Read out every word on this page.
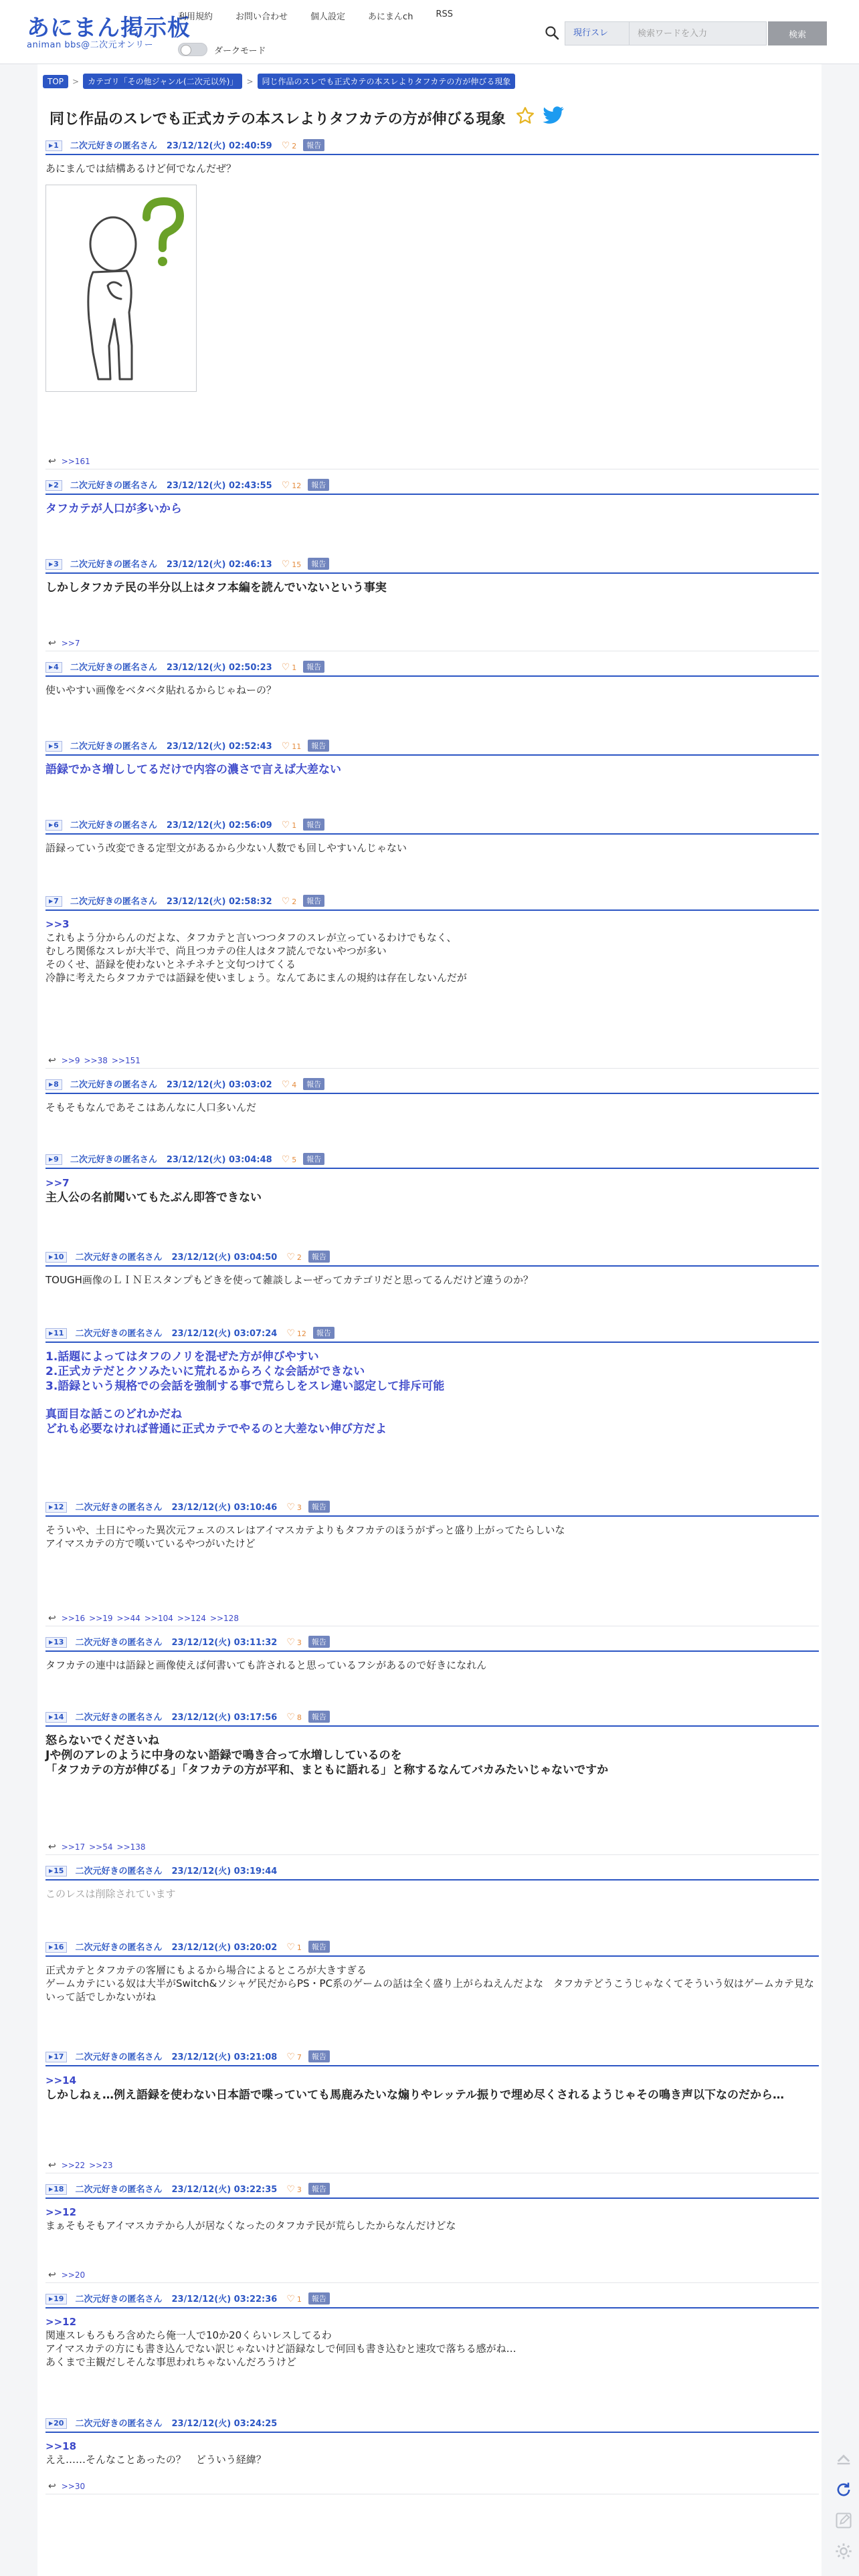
あにまん掲示板
animan bbs@二次元オンリー
利用規約	お問い合わせ	個人設定	あにまんch	RSS
ダークモード
現行スレ
検索ワードを入力	検索
TOP	>	カテゴリ「その他ジャンル(二次元以外)」	>	同じ作品のスレでも正式カテの本スレよりタフカテの方が伸びる現象
同じ作品のスレでも正式カテの本スレよりタフカテの方が伸びる現象
▶ 1 二次元好きの匿名さん 23/12/12(火) 02:40:59 ♡ 2	報告
あにまんでは結構あるけど何でなんだぜ？
↩ >>161
▶ 2 二次元好きの匿名さん 23/12/12(火) 02:43:55 ♡ 12	報告
タフカテが人口が多いから
▶ 3 二次元好きの匿名さん 23/12/12(火) 02:46:13 ♡ 15	報告
しかしタフカテ民の半分以上はタフ本編を読んでいないという事実
↩ >>7
▶ 4 二次元好きの匿名さん 23/12/12(火) 02:50:23 ♡ 1	報告
使いやすい画像をベタベタ貼れるからじゃねーの？
▶ 5 二次元好きの匿名さん 23/12/12(火) 02:52:43 ♡ 11	報告
語録でかさ増ししてるだけで内容の濃さで言えば大差ない
▶ 6 二次元好きの匿名さん 23/12/12(火) 02:56:09 ♡ 1	報告
語録っていう改変できる定型文があるから少ない人数でも回しやすいんじゃない
▶ 7 二次元好きの匿名さん 23/12/12(火) 02:58:32 ♡ 2	報告
>>3
これもよう分からんのだよな、タフカテと言いつつタフのスレが立っているわけでもなく、
むしろ関係なスレが大半で、尚且つカテの住人はタフ読んでないやつが多い
そのくせ、語録を使わないとネチネチと文句つけてくる
冷静に考えたらタフカテでは語録を使いましょう。なんてあにまんの規約は存在しないんだが
↩ >>9 >>38 >>151
▶ 8 二次元好きの匿名さん 23/12/12(火) 03:03:02 ♡ 4	報告
そもそもなんであそこはあんなに人口多いんだ
▶ 9 二次元好きの匿名さん 23/12/12(火) 03:04:48 ♡ 5	報告
>>7
主人公の名前聞いてもたぶん即答できない
▶ 10 二次元好きの匿名さん 23/12/12(火) 03:04:50 ♡ 2	報告
TOUGH画像のＬＩＮＥスタンプもどきを使って雑談しよーぜってカテゴリだと思ってるんだけど違うのか？
▶ 11 二次元好きの匿名さん 23/12/12(火) 03:07:24 ♡ 12	報告
1.話題によってはタフのノリを混ぜた方が伸びやすい
2.正式カテだとクソみたいに荒れるからろくな会話ができない
3.語録という規格での会話を強制する事で荒らしをスレ違い認定して排斥可能
真面目な話このどれかだね
どれも必要なければ普通に正式カテでやるのと大差ない伸び方だよ
▶ 12 二次元好きの匿名さん 23/12/12(火) 03:10:46 ♡ 3	報告
そういや、土日にやった異次元フェスのスレはアイマスカテよりもタフカテのほうがずっと盛り上がってたらしいな
アイマスカテの方で嘆いているやつがいたけど
↩ >>16 >>19 >>44 >>104 >>124 >>128
▶ 13 二次元好きの匿名さん 23/12/12(火) 03:11:32 ♡ 3	報告
タフカテの連中は語録と画像使えば何書いても許されると思っているフシがあるので好きになれん
▶ 14 二次元好きの匿名さん 23/12/12(火) 03:17:56 ♡ 8	報告
怒らないでくださいね
Jや例のアレのように中身のない語録で鳴き合って水増ししているのを
「タフカテの方が伸びる」「タフカテの方が平和、まともに語れる」と称するなんてバカみたいじゃないですか
↩ >>17 >>54 >>138
▶ 15 二次元好きの匿名さん 23/12/12(火) 03:19:44
このレスは削除されています
▶ 16 二次元好きの匿名さん 23/12/12(火) 03:20:02 ♡ 1	報告
正式カテとタフカテの客層にもよるから場合によるところが大きすぎる
ゲームカテにいる奴は大半がSwitch&ソシャゲ民だからPS・PC系のゲームの話は全く盛り上がらねえんだよな　タフカテどうこうじゃなくてそういう奴はゲームカテ見ないって話でしかないがね
▶ 17 二次元好きの匿名さん 23/12/12(火) 03:21:08 ♡ 7	報告
>>14
しかしねぇ…例え語録を使わない日本語で喋っていても馬鹿みたいな煽りやレッテル振りで埋め尽くされるようじゃその鳴き声以下なのだから…
↩ >>22 >>23
▶ 18 二次元好きの匿名さん 23/12/12(火) 03:22:35 ♡ 3	報告
>>12
まぁそもそもアイマスカテから人が居なくなったのタフカテ民が荒らしたからなんだけどな
↩ >>20
▶ 19 二次元好きの匿名さん 23/12/12(火) 03:22:36 ♡ 1	報告
>>12
関連スレもろもろ含めたら俺一人で10か20くらいレスしてるわ
アイマスカテの方にも書き込んでない訳じゃないけど語録なしで何回も書き込むと速攻で落ちる感がね…
あくまで主観だしそんな事思われちゃないんだろうけど
▶ 20 二次元好きの匿名さん 23/12/12(火) 03:24:25
>>18
ええ……そんなことあったの？　どういう経緯？
↩ >>30
